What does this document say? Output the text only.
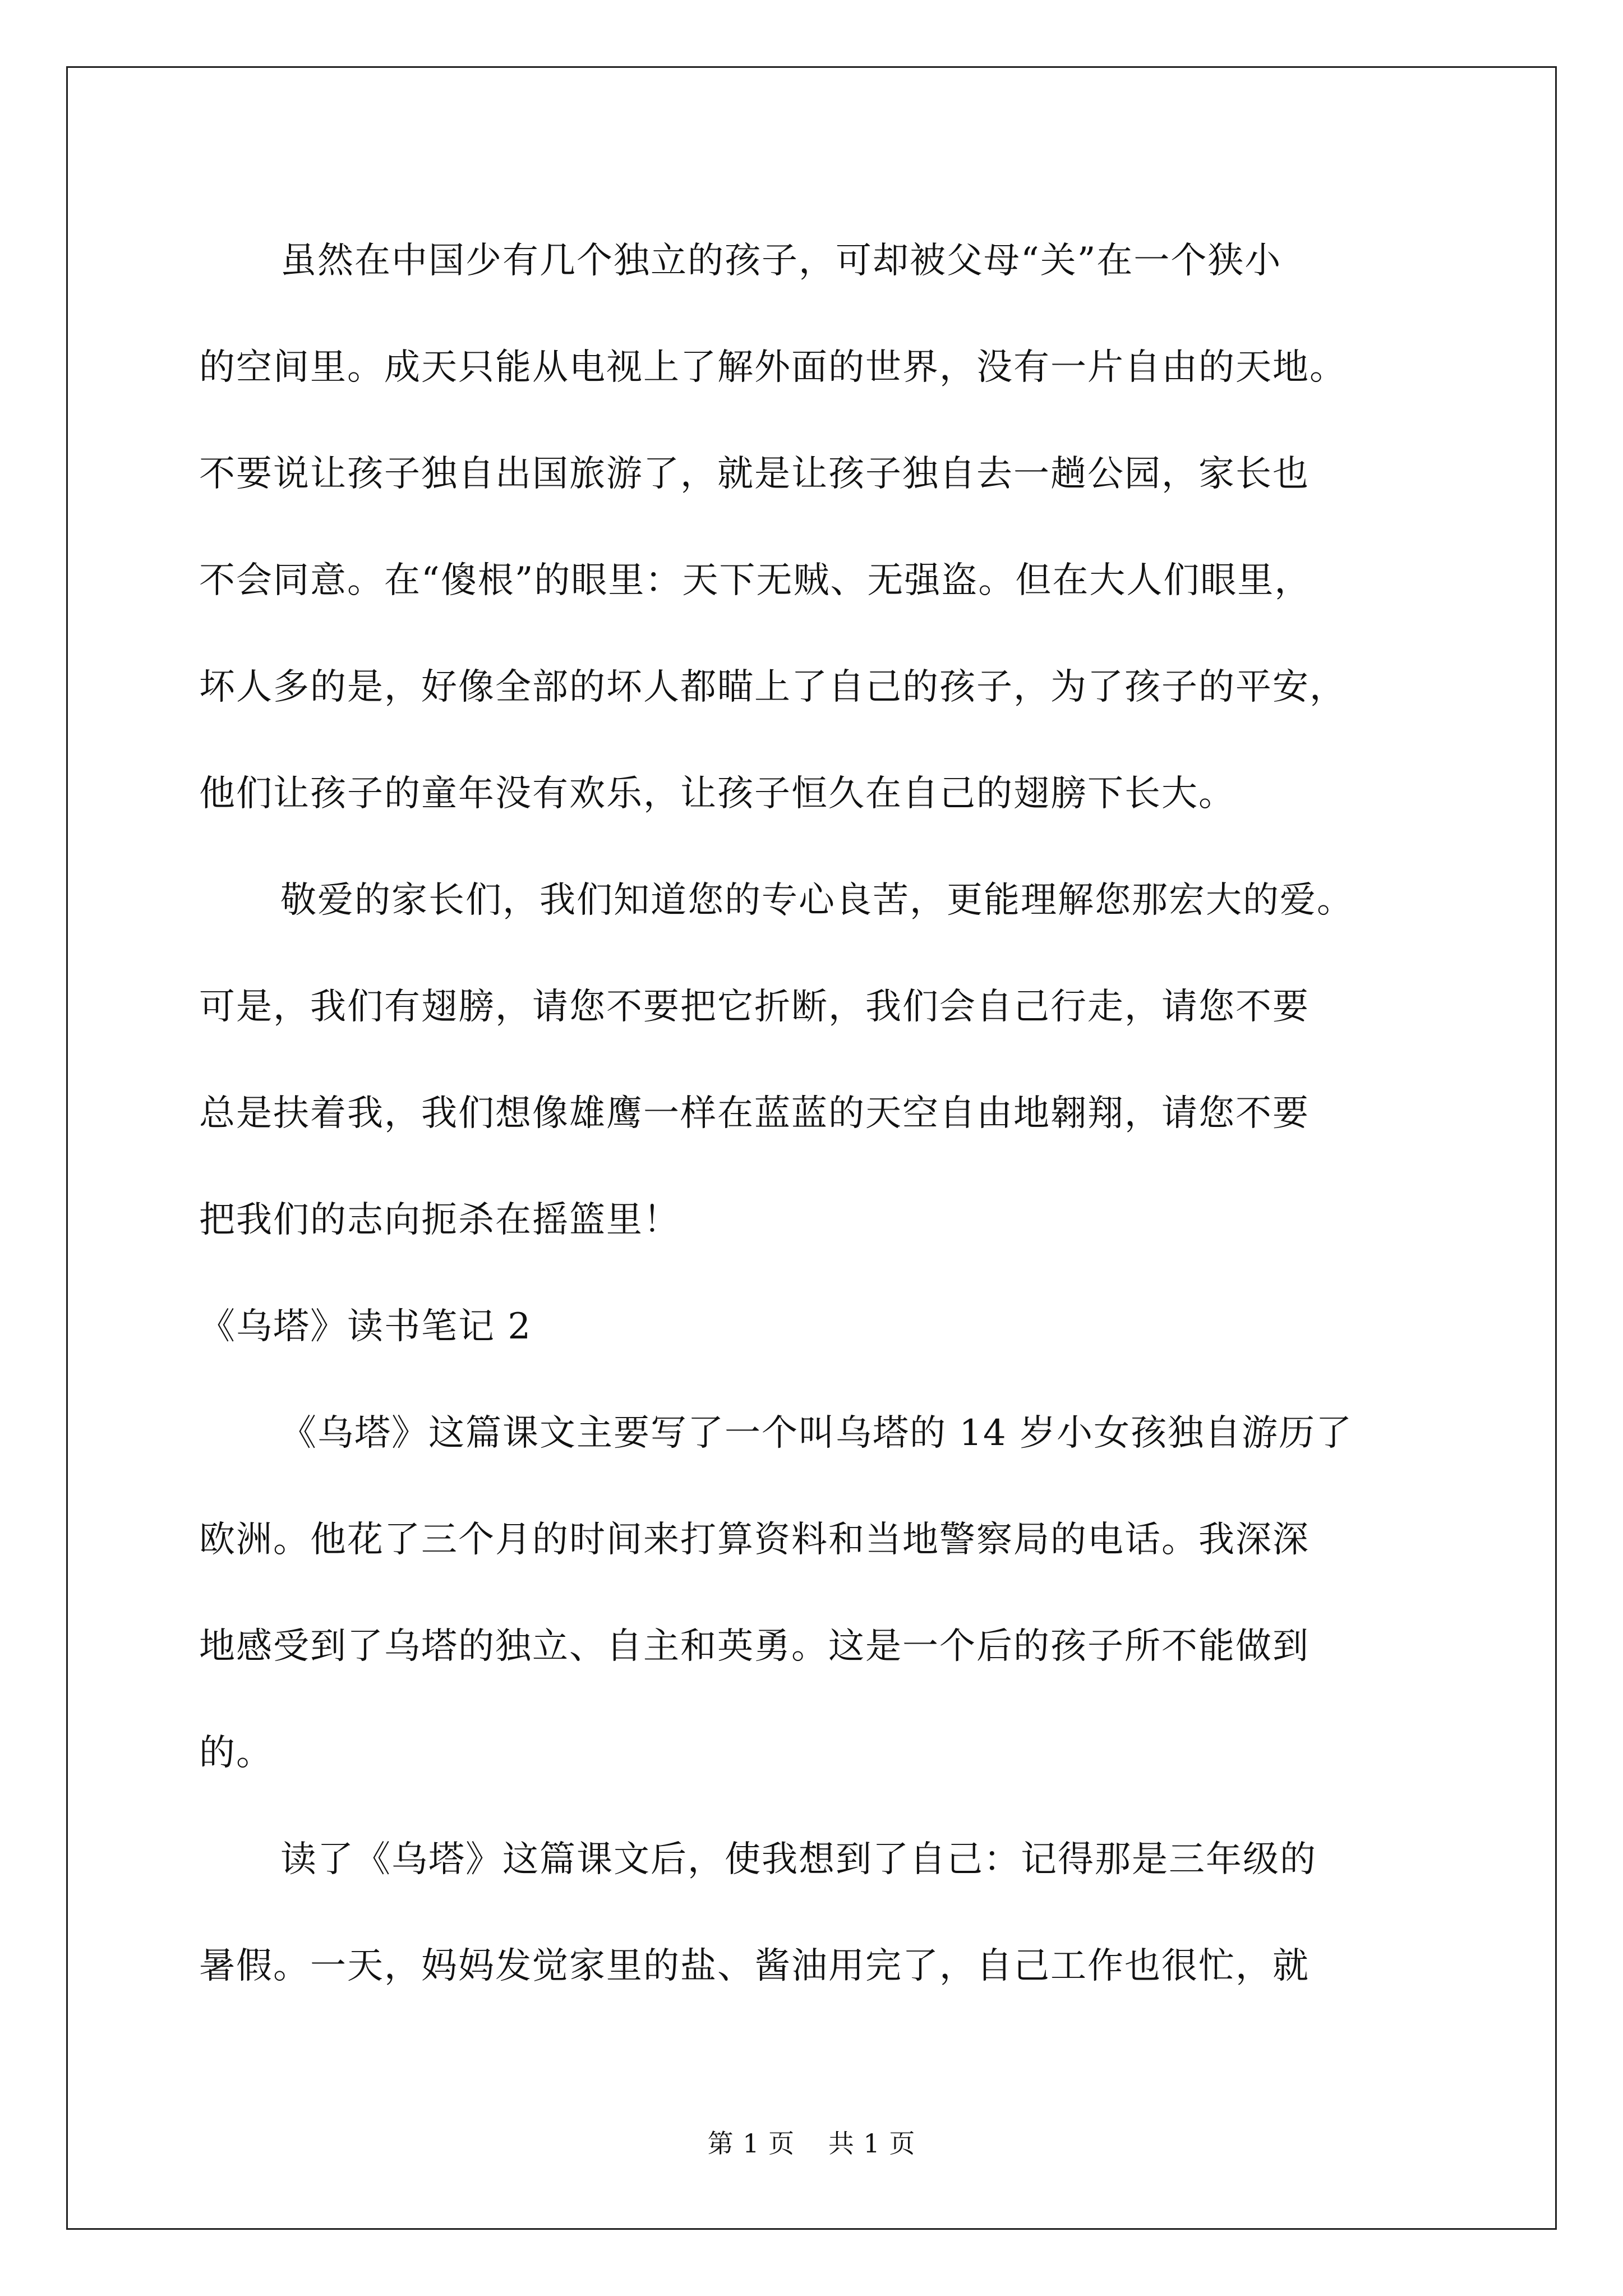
虽然在中国少有几个独立的孩子，可却被父母“关”在一个狭小
的空间里。成天只能从电视上了解外面的世界，没有一片自由的天地。
不要说让孩子独自出国旅游了，就是让孩子独自去一趟公园，家长也
不会同意。在“傻根”的眼里：天下无贼、无强盗。但在大人们眼里，
坏人多的是，好像全部的坏人都瞄上了自己的孩子，为了孩子的平安，
他们让孩子的童年没有欢乐，让孩子恒久在自己的翅膀下长大。

敬爱的家长们，我们知道您的专心良苦，更能理解您那宏大的爱。
可是，我们有翅膀，请您不要把它折断，我们会自己行走，请您不要
总是扶着我，我们想像雄鹰一样在蓝蓝的天空自由地翱翔，请您不要
把我们的志向扼杀在摇篮里！

《乌塔》读书笔记 2

《乌塔》这篇课文主要写了一个叫乌塔的 14 岁小女孩独自游历了
欧洲。他花了三个月的时间来打算资料和当地警察局的电话。我深深
地感受到了乌塔的独立、自主和英勇。这是一个后的孩子所不能做到
的。

读了《乌塔》这篇课文后，使我想到了自己：记得那是三年级的
暑假。一天，妈妈发觉家里的盐、酱油用完了，自己工作也很忙，就

第 1 页 共 1 页
